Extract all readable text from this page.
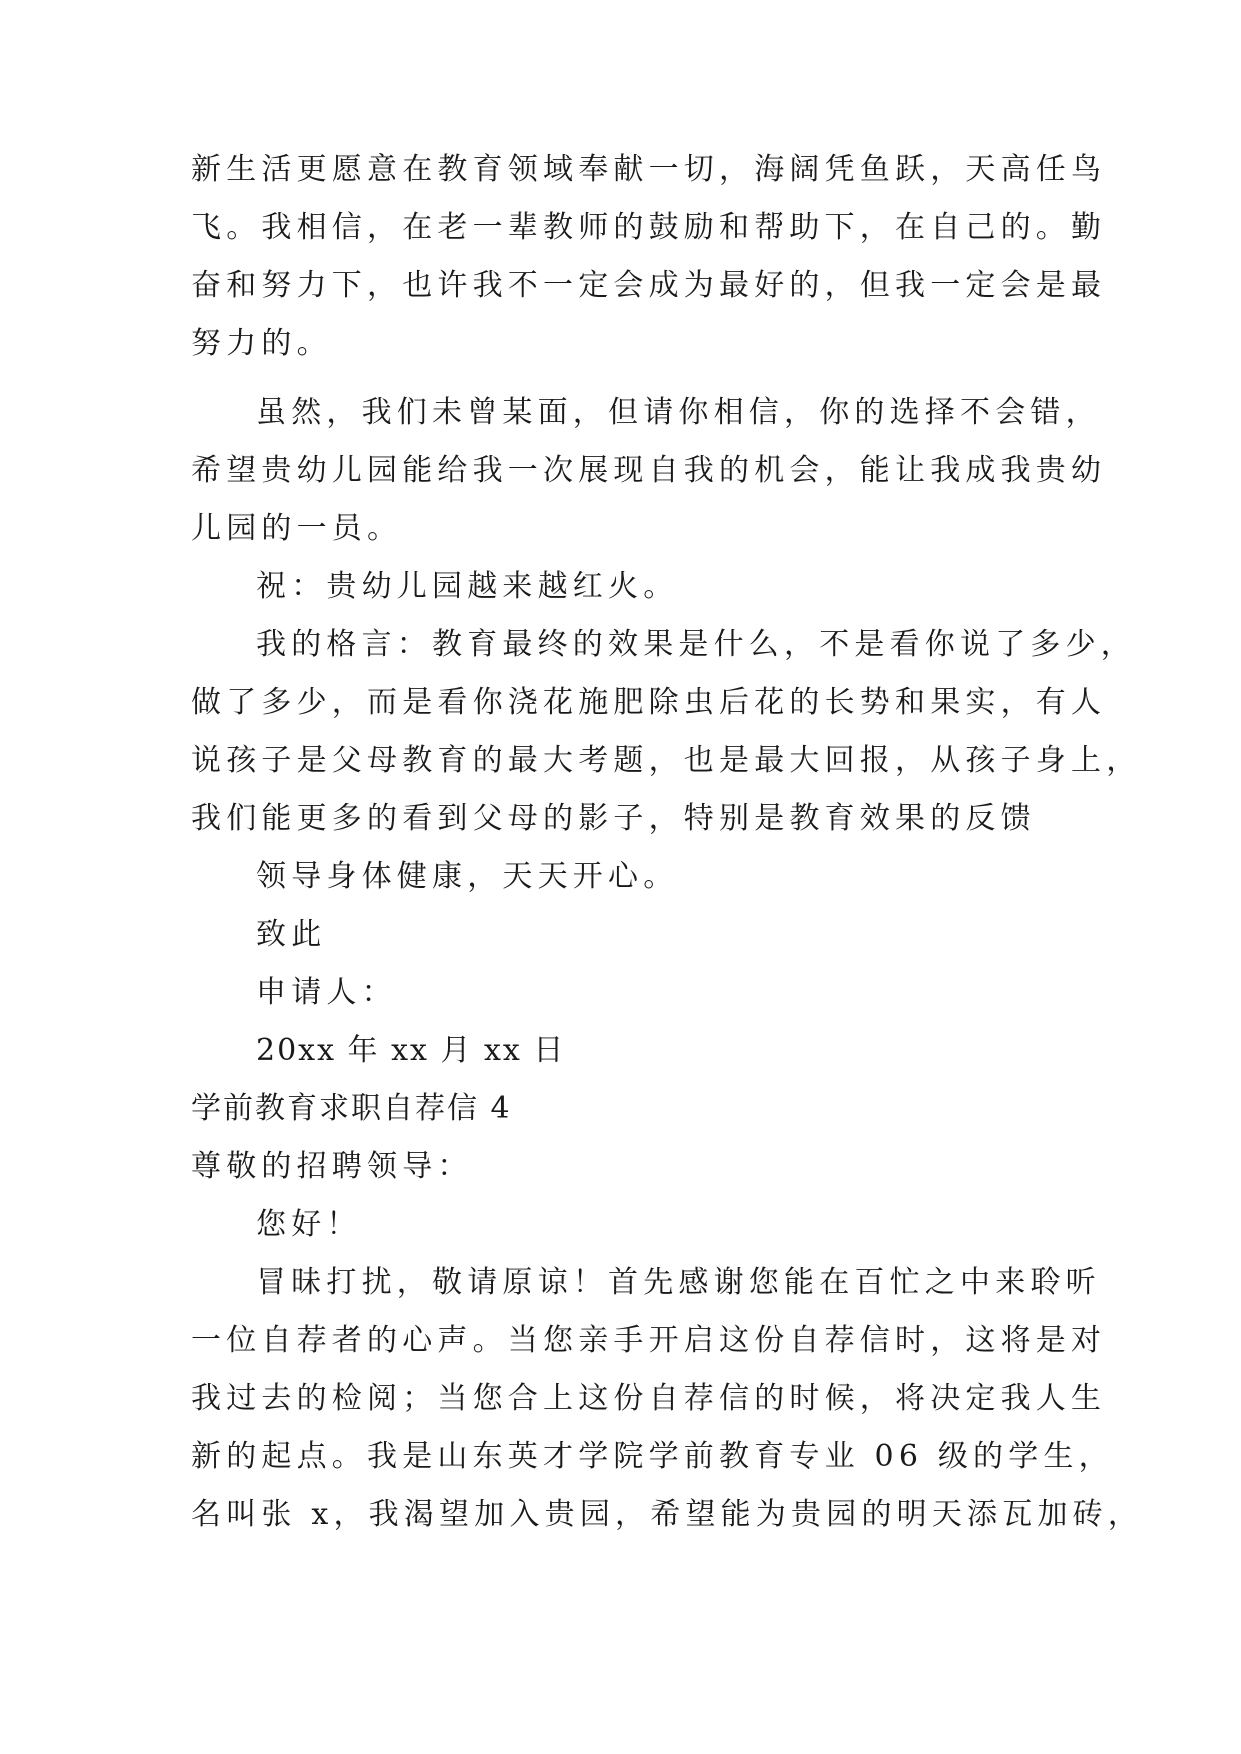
新生活更愿意在教育领域奉献一切，海阔凭鱼跃，天高任鸟
飞。我相信，在老一辈教师的鼓励和帮助下，在自己的。勤
奋和努力下，也许我不一定会成为最好的，但我一定会是最
努力的。
虽然，我们未曾某面，但请你相信，你的选择不会错，
希望贵幼儿园能给我一次展现自我的机会，能让我成我贵幼
儿园的一员。
祝：贵幼儿园越来越红火。
我的格言：教育最终的效果是什么，不是看你说了多少，
做了多少，而是看你浇花施肥除虫后花的长势和果实，有人
说孩子是父母教育的最大考题，也是最大回报，从孩子身上，
我们能更多的看到父母的影子，特别是教育效果的反馈
领导身体健康，天天开心。
致此
申请人：
20xx 年 xx 月 xx 日
学前教育求职自荐信 4
尊敬的招聘领导：
您好！
冒昧打扰，敬请原谅！首先感谢您能在百忙之中来聆听
一位自荐者的心声。当您亲手开启这份自荐信时，这将是对
我过去的检阅；当您合上这份自荐信的时候，将决定我人生
新的起点。我是山东英才学院学前教育专业 06 级的学生，
名叫张 x，我渴望加入贵园，希望能为贵园的明天添瓦加砖，
